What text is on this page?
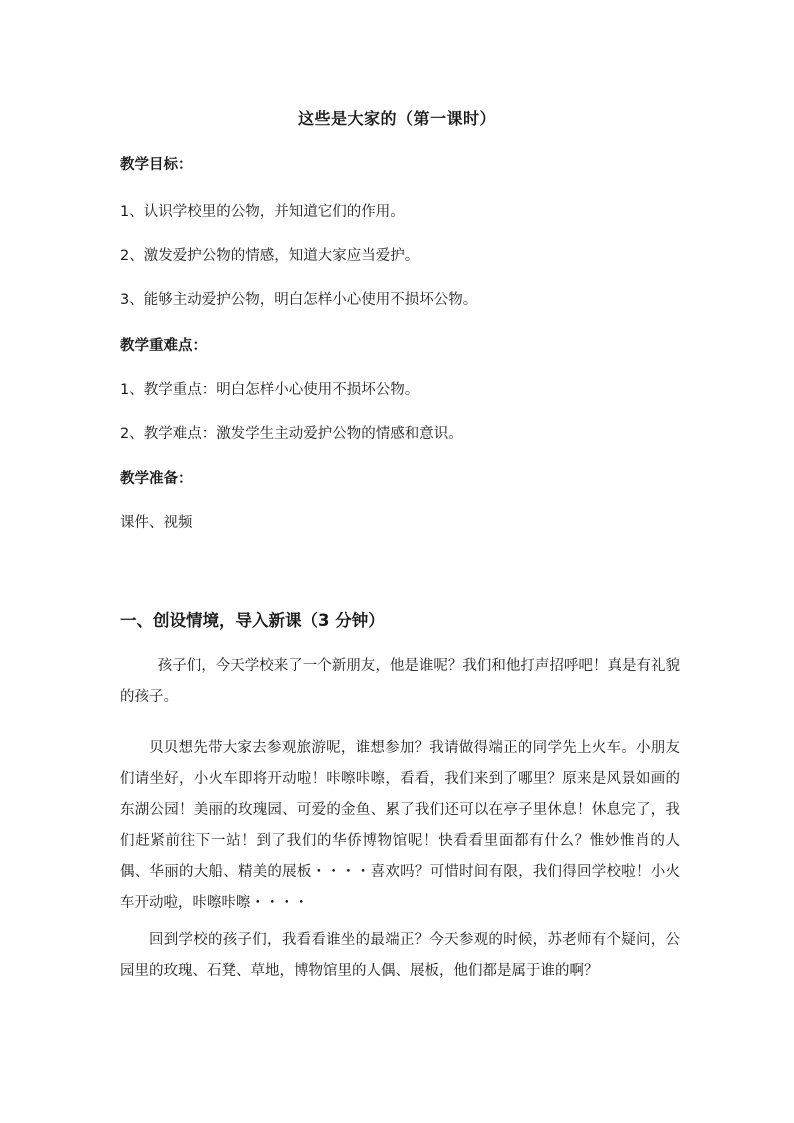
这些是大家的（第一课时）
教学目标：
1、认识学校里的公物，并知道它们的作用。
2、激发爱护公物的情感，知道大家应当爱护。
3、能够主动爱护公物，明白怎样小心使用不损坏公物。
教学重难点：
1、教学重点：明白怎样小心使用不损坏公物。
2、教学难点：激发学生主动爱护公物的情感和意识。
教学准备：
课件、视频
一、创设情境，导入新课（3 分钟）
孩子们，今天学校来了一个新朋友，他是谁呢？我们和他打声招呼吧！真是有礼貌的孩子。
贝贝想先带大家去参观旅游呢，谁想参加？我请做得端正的同学先上火车。小朋友们请坐好，小火车即将开动啦！咔嚓咔嚓，看看，我们来到了哪里？原来是风景如画的东湖公园！美丽的玫瑰园、可爱的金鱼、累了我们还可以在亭子里休息！休息完了，我们赶紧前往下一站！到了我们的华侨博物馆呢！快看看里面都有什么？惟妙惟肖的人偶、华丽的大船、精美的展板・・・・喜欢吗？可惜时间有限，我们得回学校啦！小火车开动啦，咔嚓咔嚓・・・・
回到学校的孩子们，我看看谁坐的最端正？今天参观的时候，苏老师有个疑问，公园里的玫瑰、石凳、草地，博物馆里的人偶、展板，他们都是属于谁的啊？
